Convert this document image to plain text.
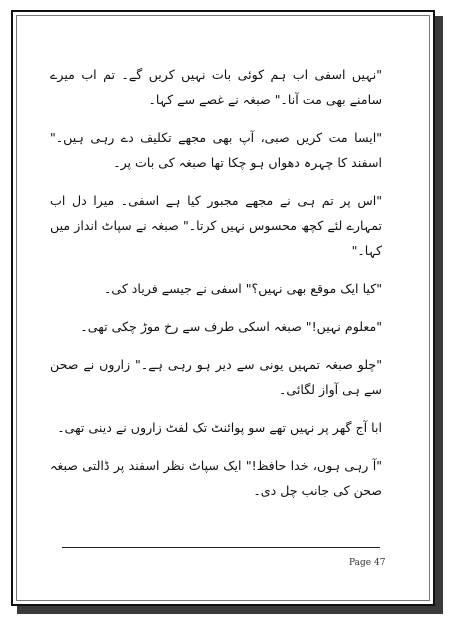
"نہیں اسفی اب ہم کوئی بات نہیں کریں گے۔ تم اب میرے سامنے بھی مت آنا۔" صبغہ نے غصے سے کہا۔

"ایسا مت کریں صبی، آپ بھی مجھے تکلیف دے رہی ہیں۔" اسفند کا چہرہ دھواں ہو چکا تھا صبغہ کی بات پر۔

"اس پر تم ہی نے مجھے مجبور کیا ہے اسفی۔ میرا دل اب تمہارے لئے کچھ محسوس نہیں کرتا۔" صبغہ نے سپاٹ انداز میں کہا۔"

"کیا ایک موقع بھی نہیں؟" اسفی نے جیسے فریاد کی۔

"معلوم نہیں!" صبغہ اسکی طرف سے رخ موڑ چکی تھی۔

"چلو صبغہ تمہیں یونی سے دیر ہو رہی ہے۔" زاروں نے صحن سے ہی آواز لگائی۔

ابا آج گھر پر نہیں تھے سو پوائنٹ تک لفٹ زاروں نے دینی تھی۔

"آ رہی ہوں، خدا حافظ!" ایک سپاٹ نظر اسفند پر ڈالتی صبغہ صحن کی جانب چل دی۔

Page 47
